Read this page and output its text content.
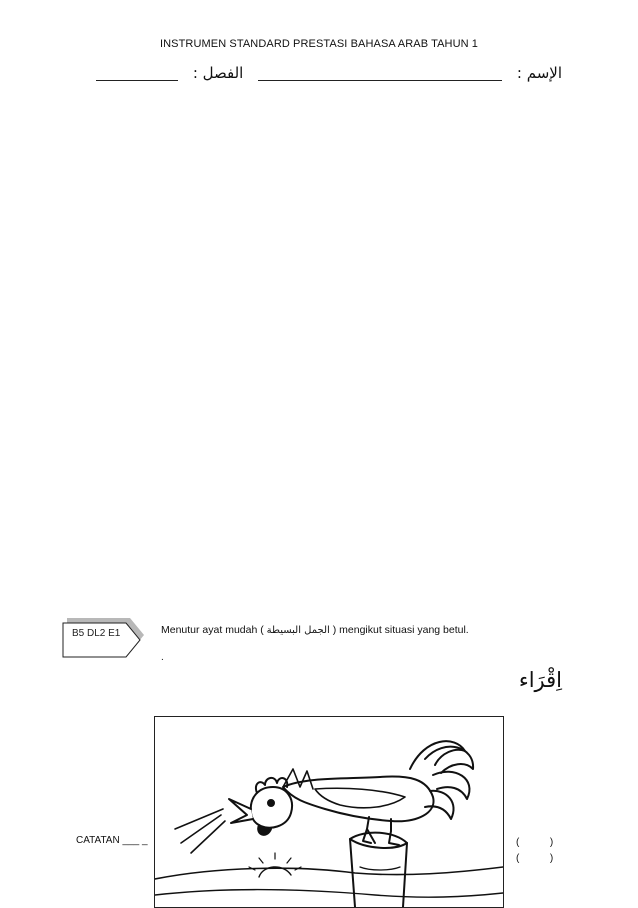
INSTRUMEN STANDARD PRESTASI BAHASA ARAB TAHUN 1
الإسم :  الفصل :
B5 DL2 E1	Menutur ayat mudah ( الجمل البسيطة ) mengikut situasi yang betul.
.
اِقْرَاء
CATATAN ___ _	(	)
(	)
